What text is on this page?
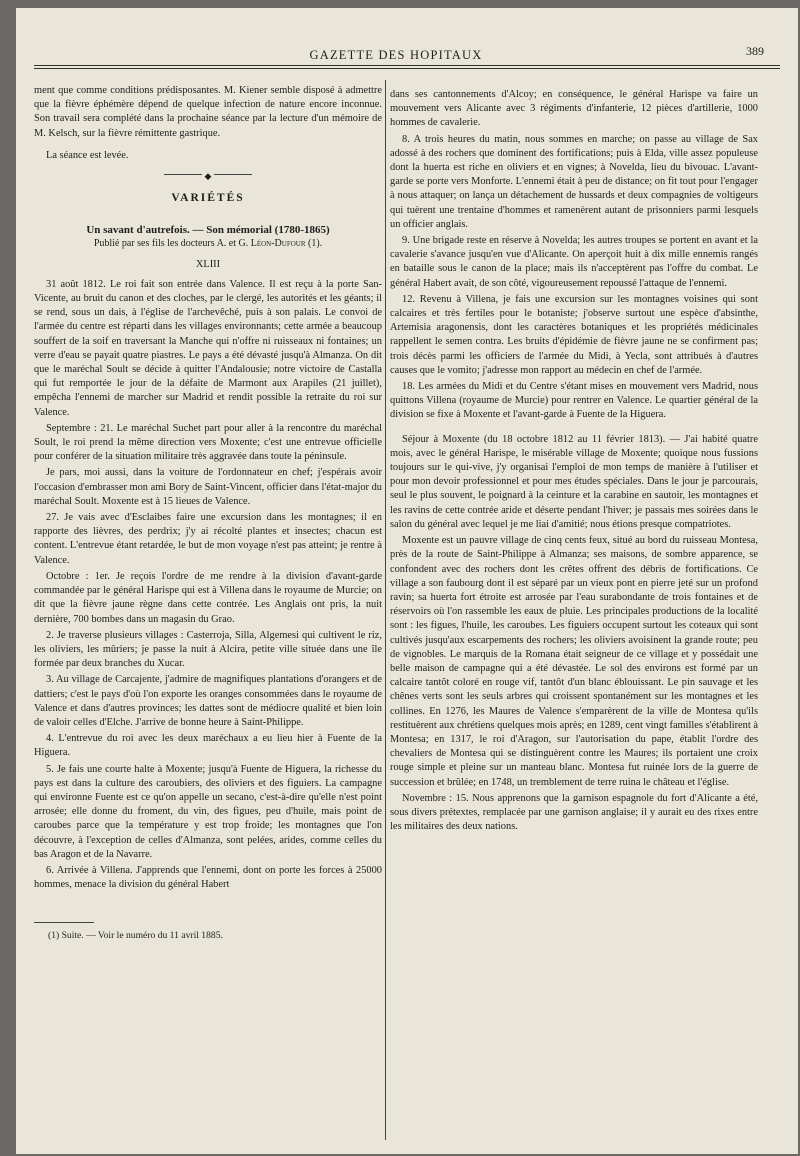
GAZETTE DES HOPITAUX	389

ment que comme conditions prédisposantes. M. Kiener semble disposé à admettre que la fièvre éphémère dépend de quelque infection de nature encore inconnue. Son travail sera complété dans la prochaine séance par la lecture d'un mémoire de M. Kelsch, sur la fièvre rémittente gastrique.

La séance est levée.

◆
VARIÉTÉS
Un savant d'autrefois. — Son mémorial (1780-1865)
Publié par ses fils les docteurs A. et G. Léon-Dufour (1).
XLIII

31 août 1812. Le roi fait son entrée dans Valence. Il est reçu à la porte San-Vicente, au bruit du canon et des cloches, par le clergé, les autorités et les géants; il se rend, sous un dais, à l'église de l'archevêché, puis à son palais. Le convoi de l'armée du centre est réparti dans les villages environnants; cette armée a beaucoup souffert de la soif en traversant la Manche qui n'offre ni ruisseaux ni fontaines; un verre d'eau se payait quatre piastres. Le pays a été dévasté jusqu'à Almanza. On dit que le maréchal Soult se décide à quitter l'Andalousie; notre victoire de Castalla qui fut remportée le jour de la défaite de Marmont aux Arapiles (21 juillet), empêcha l'ennemi de marcher sur Madrid et rendit possible la retraite du roi sur Valence.

Septembre : 21. Le maréchal Suchet part pour aller à la rencontre du maréchal Soult, le roi prend la même direction vers Moxente; c'est une entrevue officielle pour conférer de la situation militaire très aggravée dans toute la péninsule.

Je pars, moi aussi, dans la voiture de l'ordonnateur en chef; j'espérais avoir l'occasion d'embrasser mon ami Bory de Saint-Vincent, officier dans l'état-major du maréchal Soult. Moxente est à 15 lieues de Valence.

27. Je vais avec d'Esclaibes faire une excursion dans les montagnes; il en rapporte des lièvres, des perdrix; j'y ai récolté plantes et insectes; chacun est content. L'entrevue étant retardée, le but de mon voyage n'est pas atteint; je rentre à Valence.

Octobre : 1er. Je reçois l'ordre de me rendre à la division d'avant-garde commandée par le général Harispe qui est à Villena dans le royaume de Murcie; on dit que la fièvre jaune règne dans cette contrée. Les Anglais ont pris, la nuit dernière, 700 bombes dans un magasin du Grao.

2. Je traverse plusieurs villages : Casterroja, Silla, Algemesi qui cultivent le riz, les oliviers, les mûriers; je passe la nuit à Alcira, petite ville située dans une île formée par deux branches du Xucar.

3. Au village de Carcajente, j'admire de magnifiques plantations d'orangers et de dattiers; c'est le pays d'où l'on exporte les oranges consommées dans le royaume de Valence et dans d'autres provinces; les dattes sont de médiocre qualité et bien loin de valoir celles d'Elche. J'arrive de bonne heure à Saint-Philippe.

4. L'entrevue du roi avec les deux maréchaux a eu lieu hier à Fuente de la Higuera.

5. Je fais une courte halte à Moxente; jusqu'à Fuente de Higuera, la richesse du pays est dans la culture des caroubiers, des oliviers et des figuiers. La campagne qui environne Fuente est ce qu'on appelle un secano, c'est-à-dire qu'elle n'est point arrosée; elle donne du froment, du vin, des figues, peu d'huile, mais point de caroubes parce que la température y est trop froide; les montagnes que l'on découvre, à l'exception de celles d'Almanza, sont pelées, arides, comme celles du bas Aragon et de la Navarre.

6. Arrivée à Villena. J'apprends que l'ennemi, dont on porte les forces à 25000 hommes, menace la division du général Habert

(1) Suite. — Voir le numéro du 11 avril 1885.

dans ses cantonnements d'Alcoy; en conséquence, le général Harispe va faire un mouvement vers Alicante avec 3 régiments d'infanterie, 12 pièces d'artillerie, 1000 hommes de cavalerie.

8. A trois heures du matin, nous sommes en marche; on passe au village de Sax adossé à des rochers que dominent des fortifications; puis à Elda, ville assez populeuse dont la huerta est riche en oliviers et en vignes; à Novelda, lieu du bivouac. L'avant-garde se porte vers Monforte. L'ennemi était à peu de distance; on fit tout pour l'engager à nous attaquer; on lança un détachement de hussards et deux compagnies de voltigeurs qui tuèrent une trentaine d'hommes et ramenèrent autant de prisonniers parmi lesquels un officier anglais.

9. Une brigade reste en réserve à Novelda; les autres troupes se portent en avant et la cavalerie s'avance jusqu'en vue d'Alicante. On aperçoit huit à dix mille ennemis rangés en bataille sous le canon de la place; mais ils n'acceptèrent pas l'offre du combat. Le général Habert avait, de son côté, vigoureusement repoussé l'attaque de l'ennemi.

12. Revenu à Villena, je fais une excursion sur les montagnes voisines qui sont calcaires et très fertiles pour le botaniste; j'observe surtout une espèce d'absinthe, Artemisia aragonensis, dont les caractères botaniques et les propriétés médicinales rappellent le semen contra. Les bruits d'épidémie de fièvre jaune ne se confirment pas; trois décès parmi les officiers de l'armée du Midi, à Yecla, sont attribués à d'autres causes que le vomito; j'adresse mon rapport au médecin en chef de l'armée.

18. Les armées du Midi et du Centre s'étant mises en mouvement vers Madrid, nous quittons Villena (royaume de Murcie) pour rentrer en Valence. Le quartier général de la division se fixe à Moxente et l'avant-garde à Fuente de la Higuera.

Séjour à Moxente (du 18 octobre 1812 au 11 février 1813). — J'ai habité quatre mois, avec le général Harispe, le misérable village de Moxente; quoique nous fussions toujours sur le qui-vive, j'y organisai l'emploi de mon temps de manière à l'utiliser et pour mon devoir professionnel et pour mes études spéciales. Dans le jour je parcourais, seul le plus souvent, le poignard à la ceinture et la carabine en sautoir, les montagnes et les ravins de cette contrée aride et déserte pendant l'hiver; je passais mes soirées dans le salon du général avec lequel je me liai d'amitié; nous étions presque compatriotes.

Moxente est un pauvre village de cinq cents feux, situé au bord du ruisseau Montesa, près de la route de Saint-Philippe à Almanza; ses maisons, de sombre apparence, se confondent avec des rochers dont les crêtes offrent des débris de fortifications. Ce village a son faubourg dont il est séparé par un vieux pont en pierre jeté sur un profond ravin; sa huerta fort étroite est arrosée par l'eau surabondante de trois fontaines et de réservoirs où l'on rassemble les eaux de pluie. Les principales productions de la localité sont : les figues, l'huile, les caroubes. Les figuiers occupent surtout les coteaux qui sont cultivés jusqu'aux escarpements des rochers; les oliviers avoisinent la grande route; peu de vignobles. Le marquis de la Romana était seigneur de ce village et y possédait une belle maison de campagne qui a été dévastée. Le sol des environs est formé par un calcaire tantôt coloré en rouge vif, tantôt d'un blanc éblouissant. Le pin sauvage et les chênes verts sont les seuls arbres qui croissent spontanément sur les montagnes et les collines. En 1276, les Maures de Valence s'emparèrent de la ville de Montesa qu'ils restituèrent aux chrétiens quelques mois après; en 1289, cent vingt familles s'établirent à Montesa; en 1317, le roi d'Aragon, sur l'autorisation du pape, établit l'ordre des chevaliers de Montesa qui se distinguèrent contre les Maures; ils portaient une croix rouge simple et pleine sur un manteau blanc. Montesa fut ruinée lors de la guerre de succession et brûlée; en 1748, un tremblement de terre ruina le château et l'église.

Novembre : 15. Nous apprenons que la garnison espagnole du fort d'Alicante a été, sous divers prétextes, remplacée par une garnison anglaise; il y aurait eu des rixes entre les militaires des deux nations.
